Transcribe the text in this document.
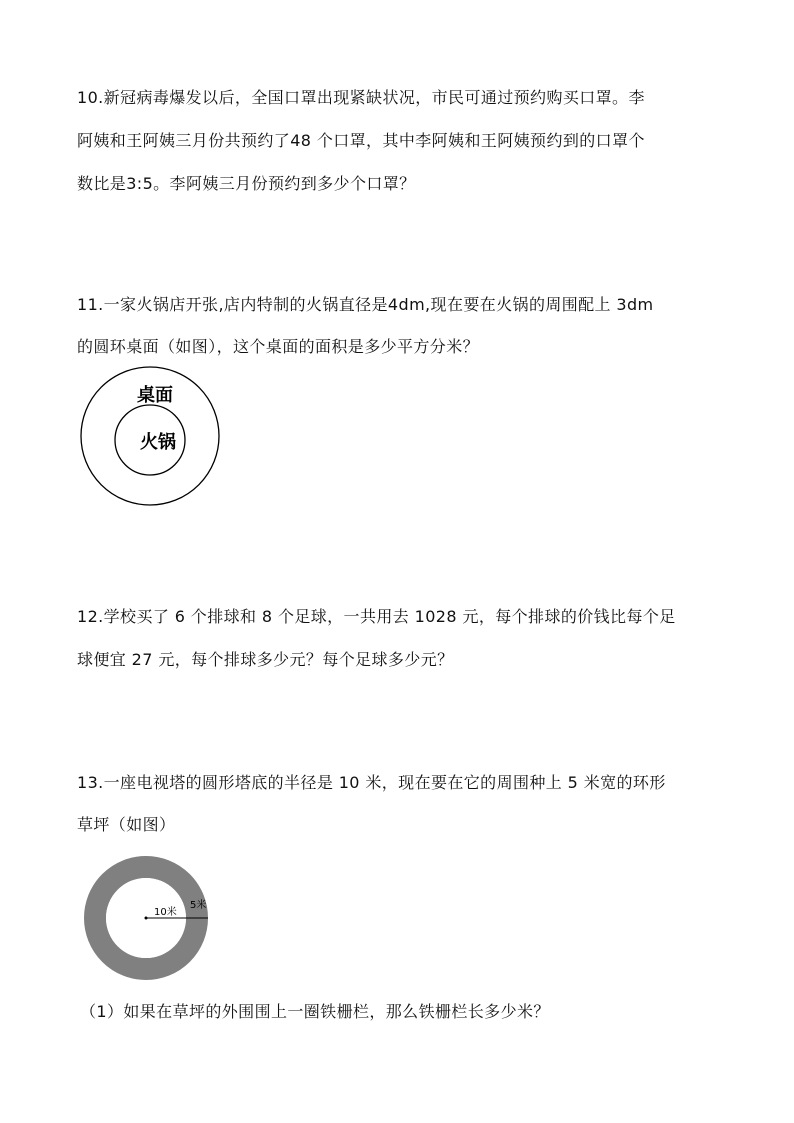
10.新冠病毒爆发以后，全国口罩出现紧缺状况，市民可通过预约购买口罩。李
阿姨和王阿姨三月份共预约了48 个口罩，其中李阿姨和王阿姨预约到的口罩个
数比是3:5。李阿姨三月份预约到多少个口罩？
11.一家火锅店开张,店内特制的火锅直径是4dm,现在要在火锅的周围配上 3dm
的圆环桌面（如图），这个桌面的面积是多少平方分米？
桌面
火锅
12.学校买了 6 个排球和 8 个足球，一共用去 1028 元，每个排球的价钱比每个足
球便宜 27 元，每个排球多少元？每个足球多少元？
13.一座电视塔的圆形塔底的半径是 10 米，现在要在它的周围种上 5 米宽的环形
草坪（如图）
10米
5米
（1）如果在草坪的外围围上一圈铁栅栏，那么铁栅栏长多少米？
